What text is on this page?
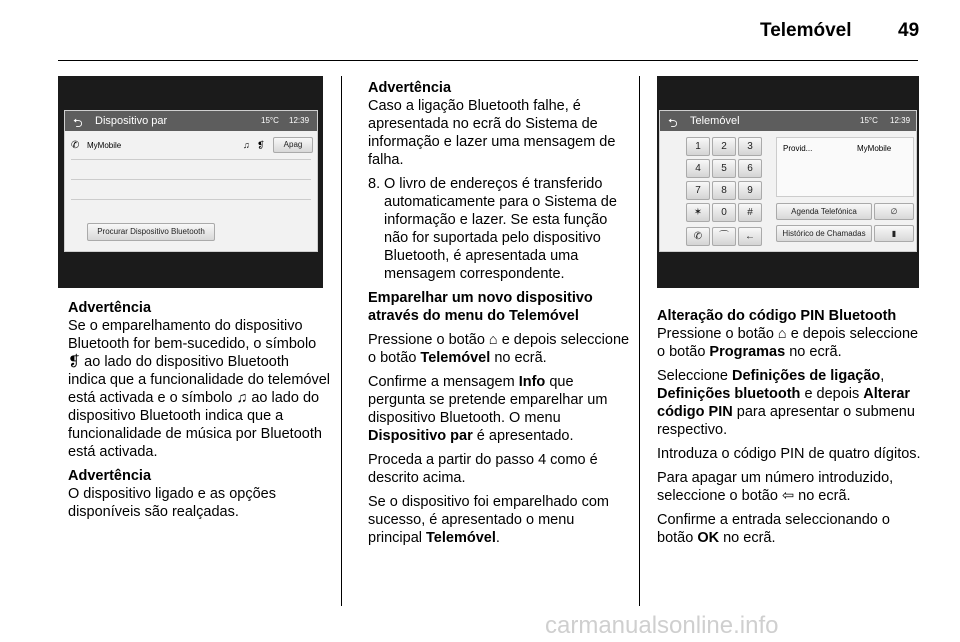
Telemóvel 49
⮌ Dispositivo par	15°C 12:39
✆ MyMobile	♫ ❡	Apag
Procurar Dispositivo Bluetooth

Advertência
Se o emparelhamento do dispositivo Bluetooth for bem-sucedido, o símbolo ❡ ao lado do dispositivo Bluetooth indica que a funcionalidade do telemóvel está activada e o símbolo ♫ ao lado do dispositivo Bluetooth indica que a funcionalidade de música por Bluetooth está activada.

Advertência
O dispositivo ligado e as opções disponíveis são realçadas.

Advertência
Caso a ligação Bluetooth falhe, é apresentada no ecrã do Sistema de informação e lazer uma mensagem de falha.

8. O livro de endereços é transferido automaticamente para o Sistema de informação e lazer. Se esta função não for suportada pelo dispositivo Bluetooth, é apresentada uma mensagem correspondente.

Emparelhar um novo dispositivo através do menu do Telemóvel

Pressione o botão ⌂ e depois seleccione o botão Telemóvel no ecrã.

Confirme a mensagem Info que pergunta se pretende emparelhar um dispositivo Bluetooth. O menu Dispositivo par é apresentado.

Proceda a partir do passo 4 como é descrito acima.

Se o dispositivo foi emparelhado com sucesso, é apresentado o menu principal Telemóvel.

⮌ Telemóvel	15°C 12:39
✆	⌒	←
Provid...	MyMobile
Agenda Telefónica	∅
Histórico de Chamadas	▮
1	2	3
4	5	6
7	8	9
✶	0	#

Alteração do código PIN Bluetooth

Pressione o botão ⌂ e depois seleccione o botão Programas no ecrã.

Seleccione Definições de ligação, Definições bluetooth e depois Alterar código PIN para apresentar o submenu respectivo.

Introduza o código PIN de quatro dígitos.

Para apagar um número introduzido, seleccione o botão ⇦ no ecrã.

Confirme a entrada seleccionando o botão OK no ecrã.

carmanualsonline.info
